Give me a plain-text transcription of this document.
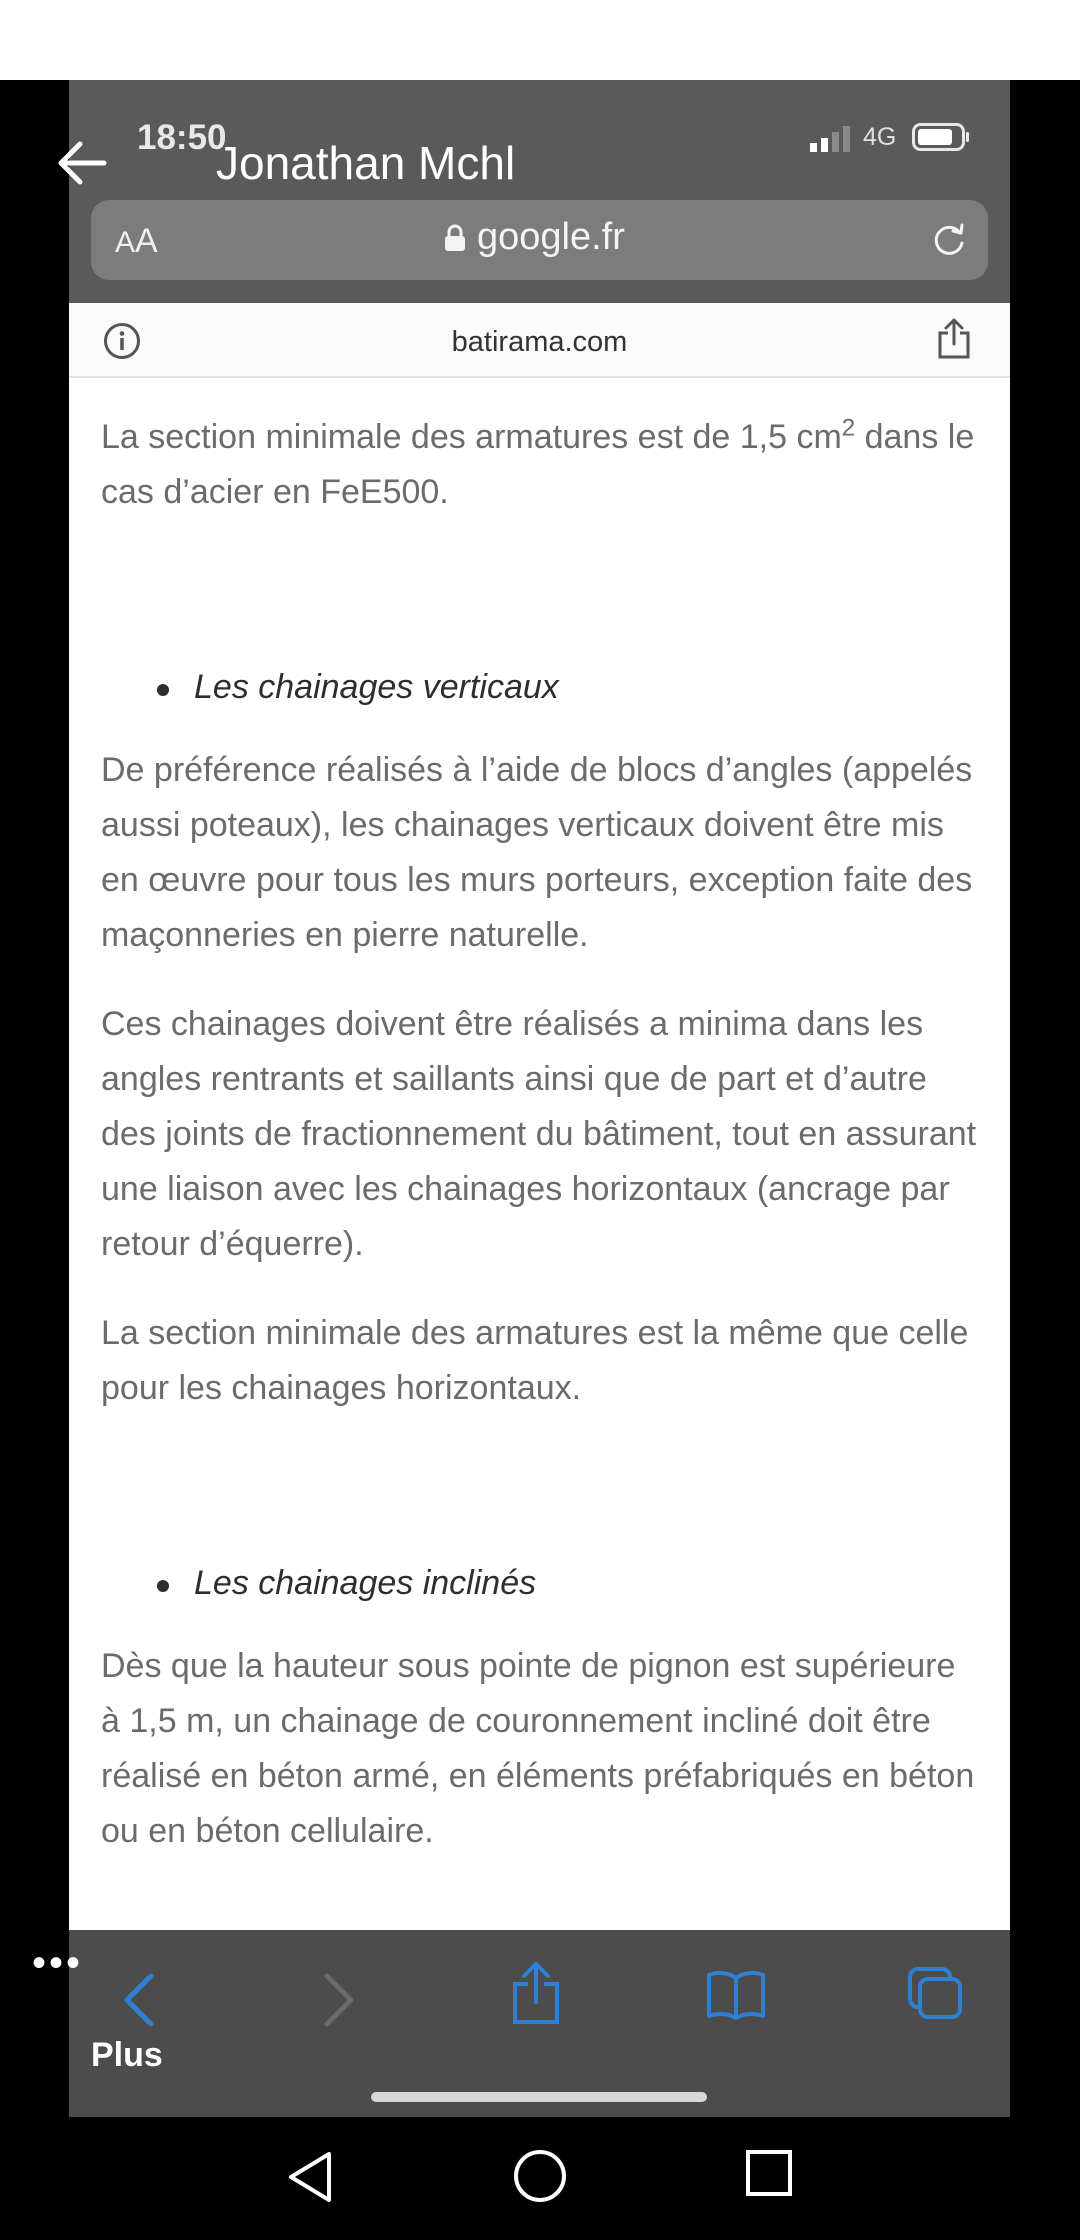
18:50	4G
AA	google.fr
batirama.com

La section minimale des armatures est de 1,5 $cm^2$ dans le cas d’acier en FeE500.

Les chainages verticaux

De préférence réalisés à l’aide de blocs d’angles (appelés aussi poteaux), les chainages verticaux doivent être mis en œuvre pour tous les murs porteurs, exception faite des maçonneries en pierre naturelle.

Ces chainages doivent être réalisés a minima dans les angles rentrants et saillants ainsi que de part et d’autre des joints de fractionnement du bâtiment, tout en assurant une liaison avec les chainages horizontaux (ancrage par retour d’équerre).

La section minimale des armatures est la même que celle pour les chainages horizontaux.

Les chainages inclinés

Dès que la hauteur sous pointe de pignon est supérieure à 1,5 m, un chainage de couronnement incliné doit être réalisé en béton armé, en éléments préfabriqués en béton ou en béton cellulaire.

Jonathan Mchl
•••
Plus
